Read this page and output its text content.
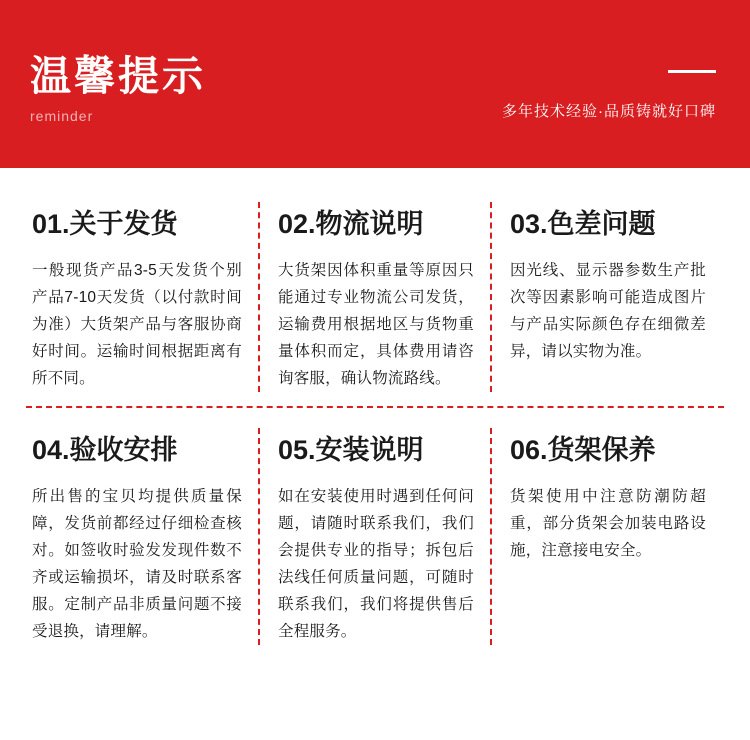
温馨提示
reminder	多年技术经验·品质铸就好口碑
01.关于发货
一般现货产品3-5天发货个别产品7-10天发货（以付款时间为准）大货架产品与客服协商好时间。运输时间根据距离有所不同。
02.物流说明
大货架因体积重量等原因只能通过专业物流公司发货，运输费用根据地区与货物重量体积而定，具体费用请咨询客服，确认物流路线。
03.色差问题
因光线、显示器参数生产批次等因素影响可能造成图片与产品实际颜色存在细微差异，请以实物为准。
04.验收安排
所出售的宝贝均提供质量保障，发货前都经过仔细检查核对。如签收时验发发现件数不齐或运输损坏，请及时联系客服。定制产品非质量问题不接受退换，请理解。
05.安装说明
如在安装使用时遇到任何问题，请随时联系我们，我们会提供专业的指导；拆包后法线任何质量问题，可随时联系我们，我们将提供售后全程服务。
06.货架保养
货架使用中注意防潮防超重，部分货架会加装电路设施，注意接电安全。
